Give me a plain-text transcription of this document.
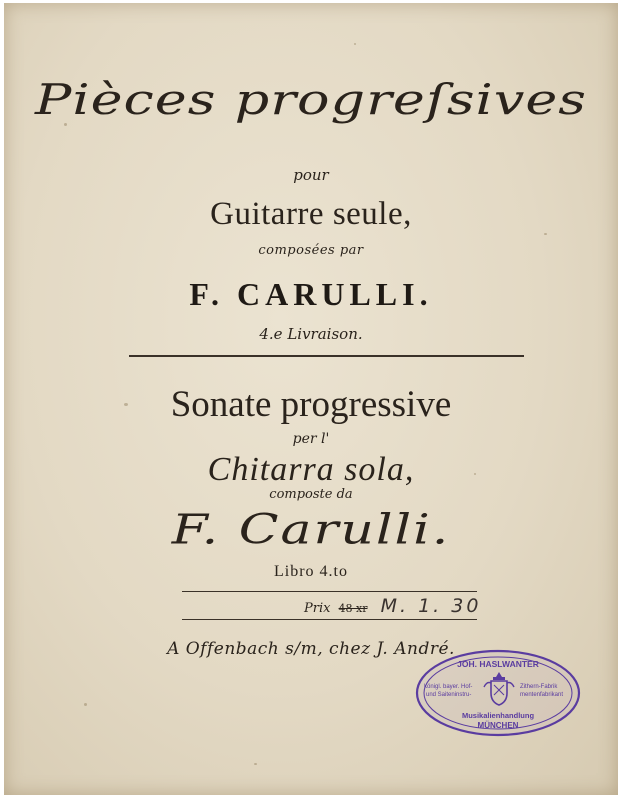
Pièces progreſsives
pour
Guitarre seule,
composées par
F. CARULLI.
4.e Livraison.
Sonate progressive
per l'
Chitarra sola,
composte da
F. Carulli.
Libro 4.to
Prix 48 xr M. 1. 30
A Offenbach s/m, chez J. André.
JOH. HASLWANTER
königl. bayer. Hof-
und Saiteninstru-
Zithern-Fabrik
mentenfabrikant
Musikalienhandlung
MÜNCHEN
